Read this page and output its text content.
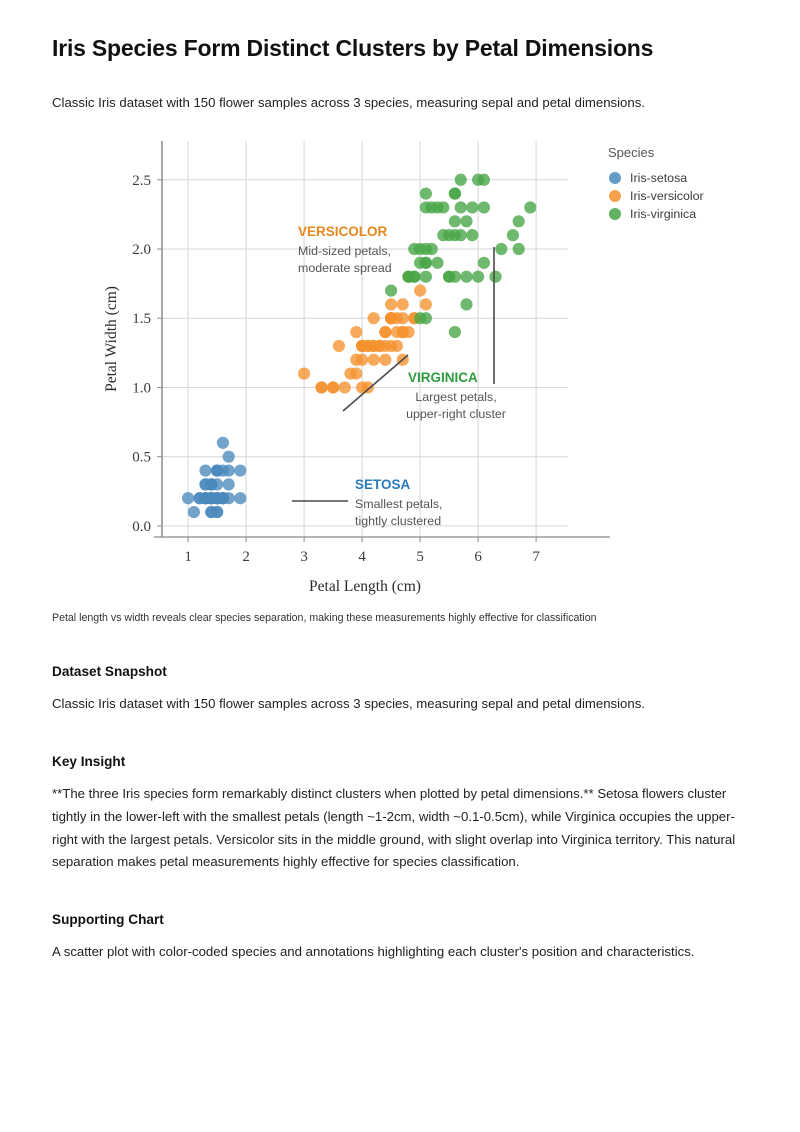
Iris Species Form Distinct Clusters by Petal Dimensions

Classic Iris dataset with 150 flower samples across 3 species, measuring sepal and petal dimensions.

1	2	3	4	5	6	7
0.0
0.5
1.0
1.5
2.0
2.5
VERSICOLOR
Mid-sized petals,
moderate spread
VIRGINICA
Largest petals,
upper-right cluster
SETOSA
Smallest petals,
tightly clustered
Petal Length (cm)
Petal Width (cm)
Species
Iris-setosa
Iris-versicolor
Iris-virginica

Petal length vs width reveals clear species separation, making these measurements highly effective for classification

Dataset Snapshot

Classic Iris dataset with 150 flower samples across 3 species, measuring sepal and petal dimensions.

Key Insight

**The three Iris species form remarkably distinct clusters when plotted by petal dimensions.** Setosa flowers cluster tightly in the lower-left with the smallest petals (length ~1-2cm, width ~0.1-0.5cm), while Virginica occupies the upper-right with the largest petals. Versicolor sits in the middle ground, with slight overlap into Virginica territory. This natural separation makes petal measurements highly effective for species classification.

Supporting Chart

A scatter plot with color-coded species and annotations highlighting each cluster's position and characteristics.
